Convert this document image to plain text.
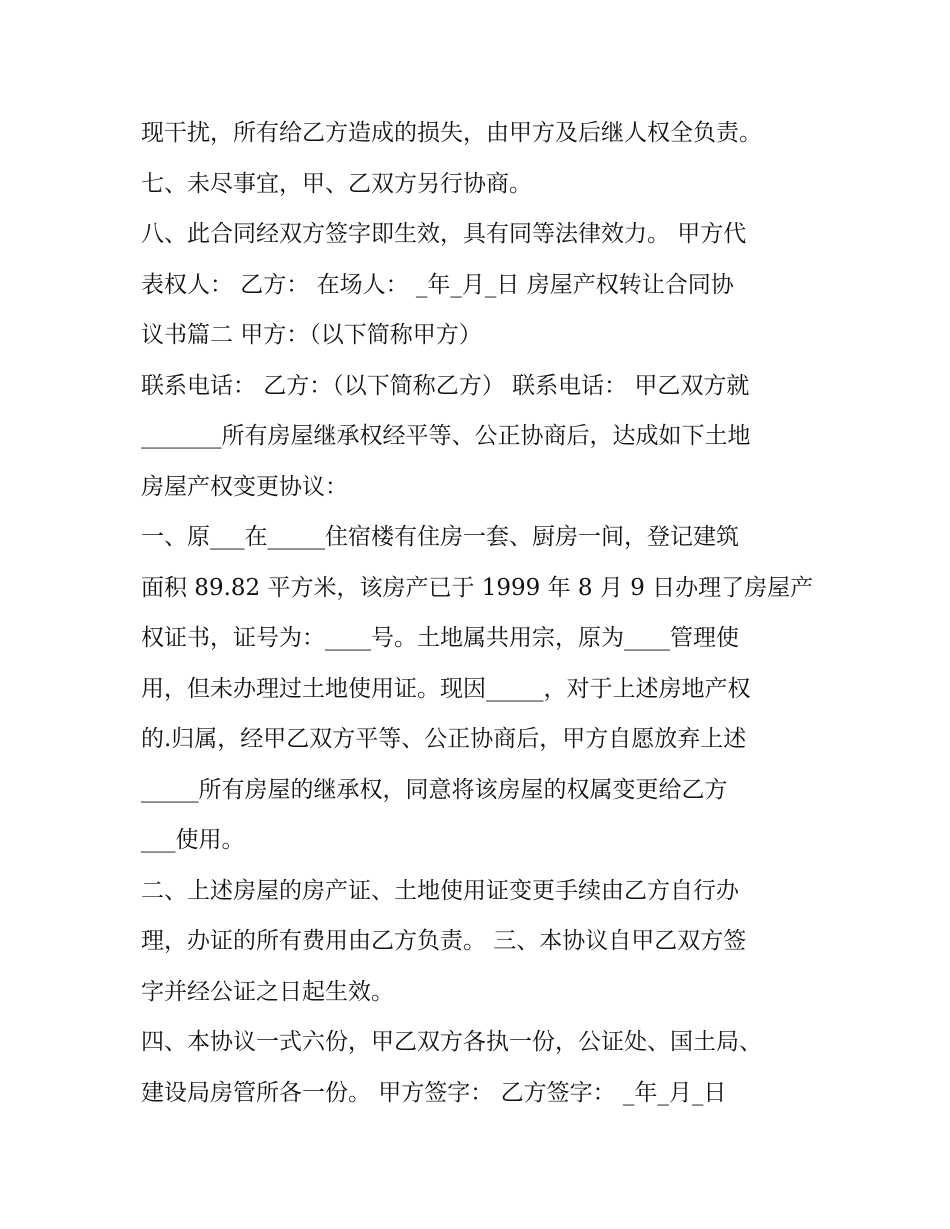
现干扰，所有给乙方造成的损失，由甲方及后继人权全负责。
七、未尽事宜，甲、乙双方另行协商。
八、此合同经双方签字即生效，具有同等法律效力。 甲方代
表权人： 乙方： 在场人： _年_月_日 房屋产权转让合同协
议书篇二 甲方：（以下简称甲方）
联系电话： 乙方：（以下简称乙方） 联系电话： 甲乙双方就
_______所有房屋继承权经平等、公正协商后，达成如下土地
房屋产权变更协议：
一、原___在_____住宿楼有住房一套、厨房一间，登记建筑
面积 89.82 平方米，该房产已于 1999 年 8 月 9 日办理了房屋产
权证书，证号为：____号。土地属共用宗，原为____管理使
用，但未办理过土地使用证。现因_____，对于上述房地产权
的.归属，经甲乙双方平等、公正协商后，甲方自愿放弃上述
_____所有房屋的继承权，同意将该房屋的权属变更给乙方
___使用。
二、上述房屋的房产证、土地使用证变更手续由乙方自行办
理，办证的所有费用由乙方负责。 三、本协议自甲乙双方签
字并经公证之日起生效。
四、本协议一式六份，甲乙双方各执一份，公证处、国土局、
建设局房管所各一份。 甲方签字： 乙方签字： _年_月_日
